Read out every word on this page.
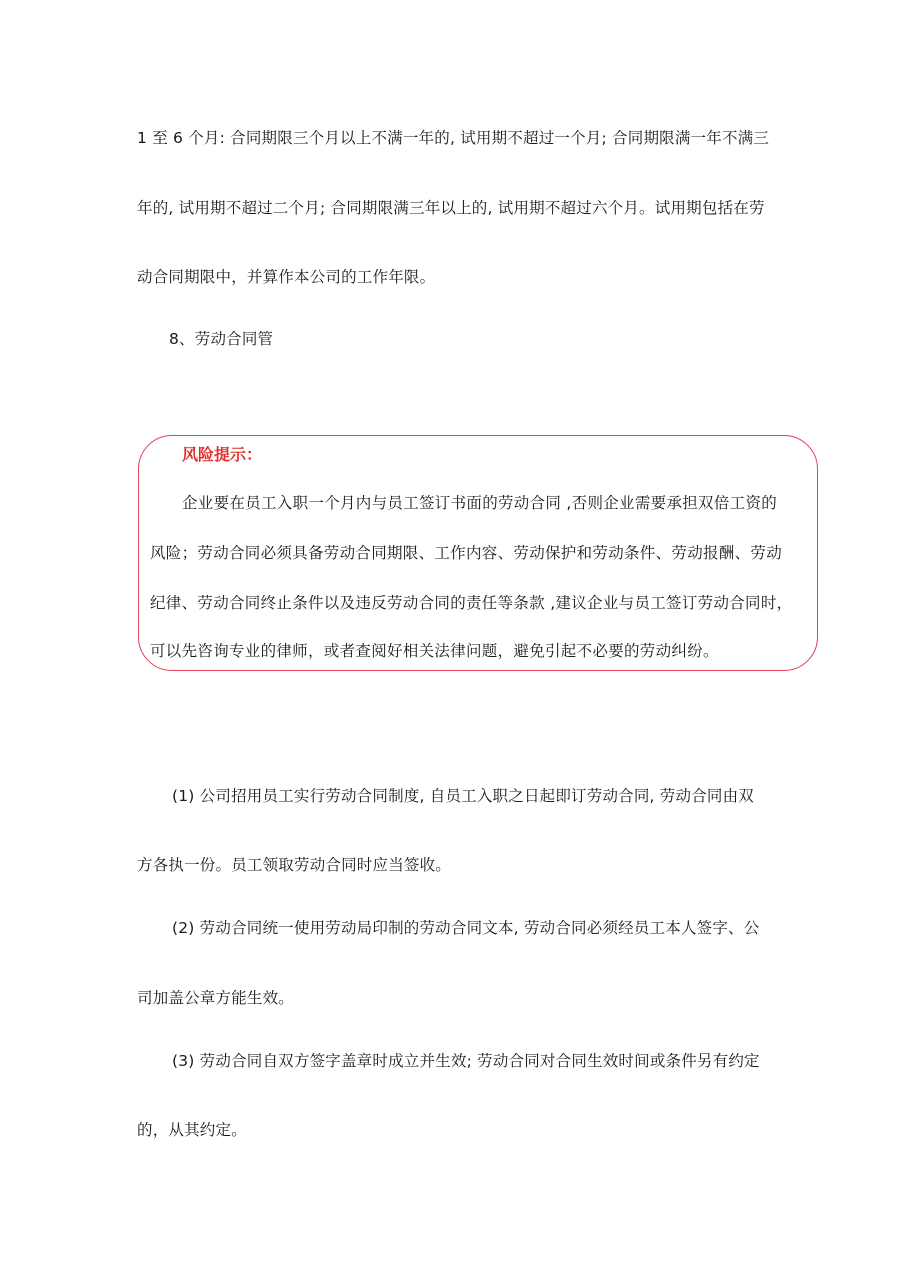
1 至 6 个月: 合同期限三个月以上不满一年的, 试用期不超过一个月; 合同期限满一年不满三
年的, 试用期不超过二个月; 合同期限满三年以上的, 试用期不超过六个月。试用期包括在劳
动合同期限中，并算作本公司的工作年限。
8、劳动合同管
风险提示：
企业要在员工入职一个月内与员工签订书面的劳动合同 ,否则企业需要承担双倍工资的
风险；劳动合同必须具备劳动合同期限、工作内容、劳动保护和劳动条件、劳动报酬、劳动
纪律、劳动合同终止条件以及违反劳动合同的责任等条款 ,建议企业与员工签订劳动合同时，
可以先咨询专业的律师，或者查阅好相关法律问题，避免引起不必要的劳动纠纷。
(1) 公司招用员工实行劳动合同制度, 自员工入职之日起即订劳动合同, 劳动合同由双
方各执一份。员工领取劳动合同时应当签收。
(2) 劳动合同统一使用劳动局印制的劳动合同文本, 劳动合同必须经员工本人签字、公
司加盖公章方能生效。
(3) 劳动合同自双方签字盖章时成立并生效; 劳动合同对合同生效时间或条件另有约定
的，从其约定。
